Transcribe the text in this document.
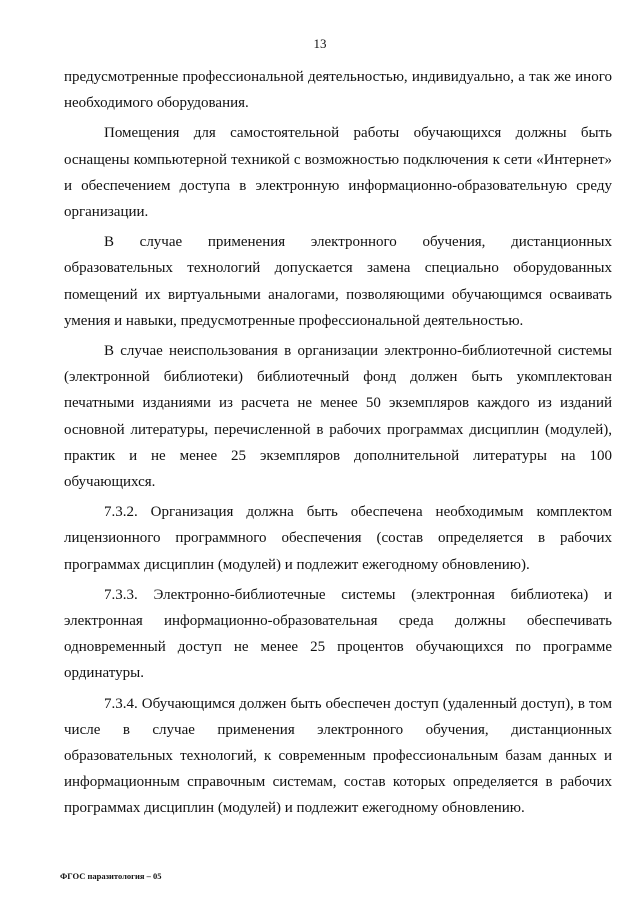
13

предусмотренные профессиональной деятельностью, индивидуально, а так же иного необходимого оборудования.

Помещения для самостоятельной работы обучающихся должны быть оснащены компьютерной техникой с возможностью подключения к сети «Интернет» и обеспечением доступа в электронную информационно-образовательную среду организации.

В случае применения электронного обучения, дистанционных образовательных технологий допускается замена специально оборудованных помещений их виртуальными аналогами, позволяющими обучающимся осваивать умения и навыки, предусмотренные профессиональной деятельностью.

В случае неиспользования в организации электронно-библиотечной системы (электронной библиотеки) библиотечный фонд должен быть укомплектован печатными изданиями из расчета не менее 50 экземпляров каждого из изданий основной литературы, перечисленной в рабочих программах дисциплин (модулей), практик и не менее 25 экземпляров дополнительной литературы на 100 обучающихся.

7.3.2. Организация должна быть обеспечена необходимым комплектом лицензионного программного обеспечения (состав определяется в рабочих программах дисциплин (модулей) и подлежит ежегодному обновлению).

7.3.3. Электронно-библиотечные системы (электронная библиотека) и электронная информационно-образовательная среда должны обеспечивать одновременный доступ не менее 25 процентов обучающихся по программе ординатуры.

7.3.4. Обучающимся должен быть обеспечен доступ (удаленный доступ), в том числе в случае применения электронного обучения, дистанционных образовательных технологий, к современным профессиональным базам данных и информационным справочным системам, состав которых определяется в рабочих программах дисциплин (модулей) и подлежит ежегодному обновлению.

ФГОС паразитология – 05
